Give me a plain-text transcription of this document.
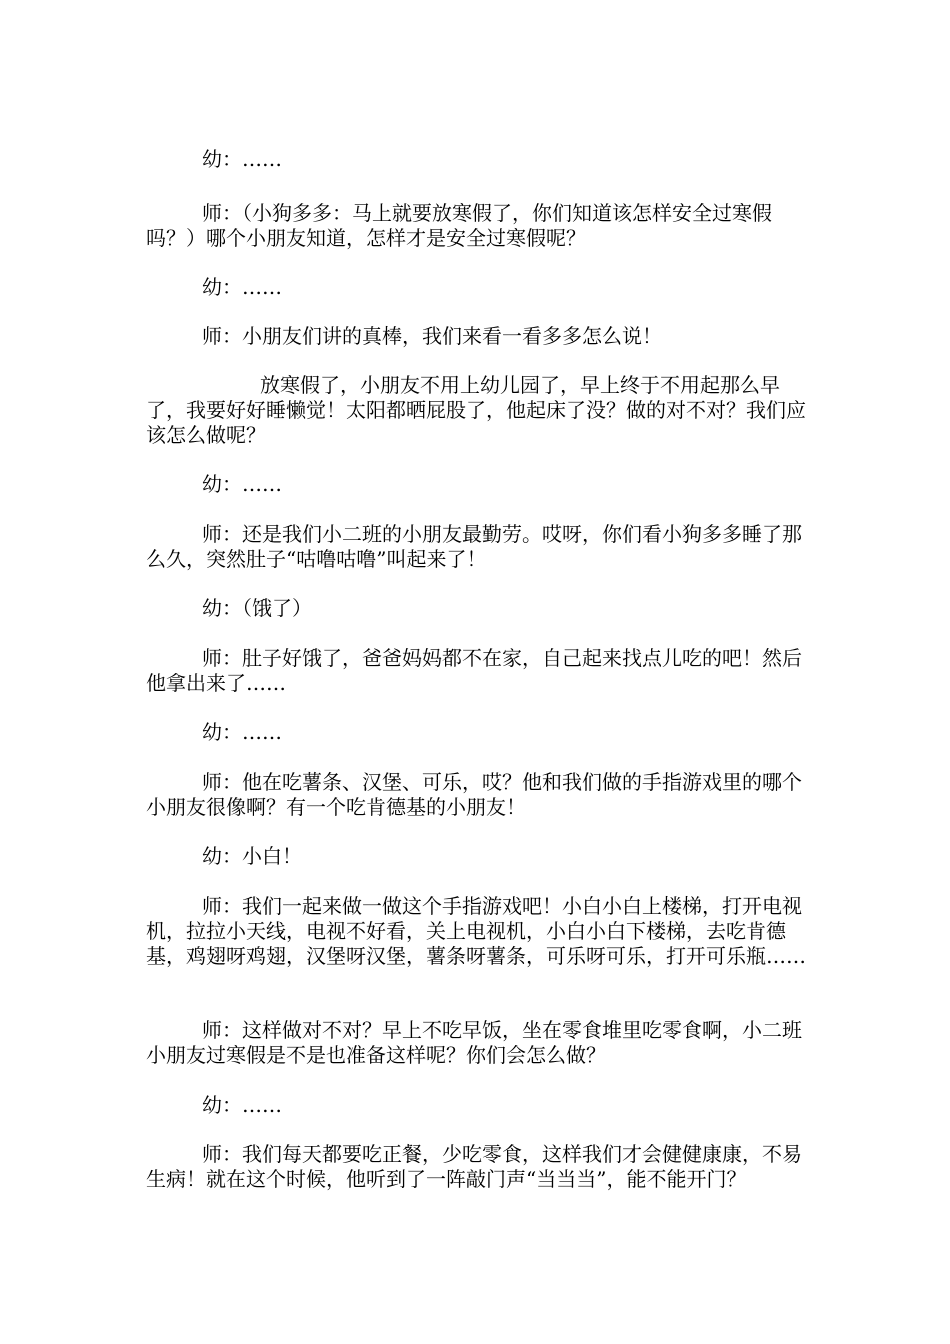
幼：……

师：（小狗多多：马上就要放寒假了，你们知道该怎样安全过寒假吗？）哪个小朋友知道，怎样才是安全过寒假呢？

幼：……

师：小朋友们讲的真棒，我们来看一看多多怎么说！

放寒假了，小朋友不用上幼儿园了，早上终于不用起那么早了，我要好好睡懒觉！太阳都晒屁股了，他起床了没？做的对不对？我们应该怎么做呢？

幼：……

师：还是我们小二班的小朋友最勤劳。哎呀，你们看小狗多多睡了那么久，突然肚子“咕噜咕噜”叫起来了！

幼：（饿了）

师：肚子好饿了，爸爸妈妈都不在家，自己起来找点儿吃的吧！然后他拿出来了……

幼：……

师：他在吃薯条、汉堡、可乐，哎？他和我们做的手指游戏里的哪个小朋友很像啊？有一个吃肯德基的小朋友！

幼：小白！

师：我们一起来做一做这个手指游戏吧！小白小白上楼梯，打开电视机，拉拉小天线，电视不好看，关上电视机，小白小白下楼梯，去吃肯德基，鸡翅呀鸡翅，汉堡呀汉堡，薯条呀薯条，可乐呀可乐，打开可乐瓶……

师：这样做对不对？早上不吃早饭，坐在零食堆里吃零食啊，小二班小朋友过寒假是不是也准备这样呢？你们会怎么做？

幼：……

师：我们每天都要吃正餐，少吃零食，这样我们才会健健康康，不易生病！就在这个时候，他听到了一阵敲门声“当当当”，能不能开门？
